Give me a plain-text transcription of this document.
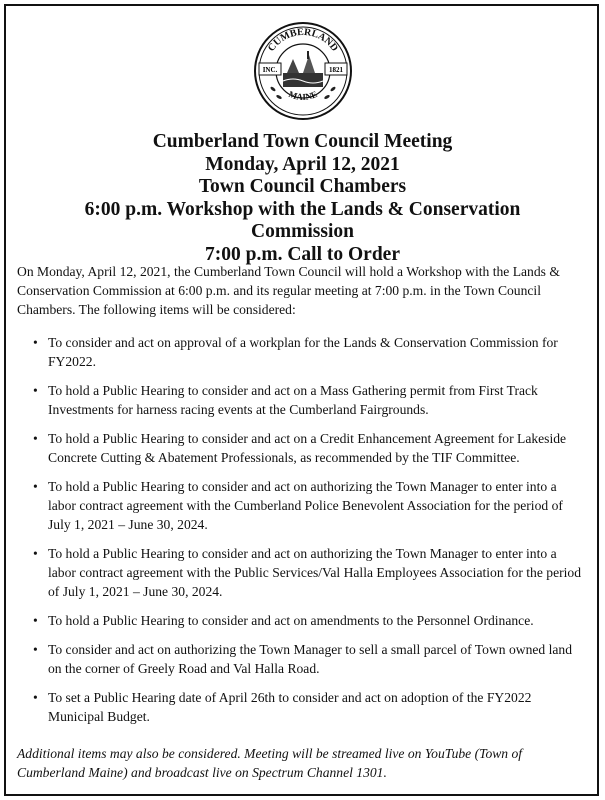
CUMBERLAND
MAINE
INC.	1821
Cumberland Town Council Meeting
Monday, April 12, 2021
Town Council Chambers
6:00 p.m. Workshop with the Lands & Conservation
Commission
7:00 p.m. Call to Order
On Monday, April 12, 2021, the Cumberland Town Council will hold a Workshop with the Lands & Conservation Commission at 6:00 p.m. and its regular meeting at 7:00 p.m. in the Town Council Chambers. The following items will be considered:
• To consider and act on approval of a workplan for the Lands & Conservation Commission for FY2022.
• To hold a Public Hearing to consider and act on a Mass Gathering permit from First Track Investments for harness racing events at the Cumberland Fairgrounds.
• To hold a Public Hearing to consider and act on a Credit Enhancement Agreement for Lakeside Concrete Cutting & Abatement Professionals, as recommended by the TIF Committee.
• To hold a Public Hearing to consider and act on authorizing the Town Manager to enter into a labor contract agreement with the Cumberland Police Benevolent Association for the period of July 1, 2021 – June 30, 2024.
• To hold a Public Hearing to consider and act on authorizing the Town Manager to enter into a labor contract agreement with the Public Services/Val Halla Employees Association for the period of July 1, 2021 – June 30, 2024.
• To hold a Public Hearing to consider and act on amendments to the Personnel Ordinance.
• To consider and act on authorizing the Town Manager to sell a small parcel of Town owned land on the corner of Greely Road and Val Halla Road.
• To set a Public Hearing date of April 26th to consider and act on adoption of the FY2022 Municipal Budget.
Additional items may also be considered. Meeting will be streamed live on YouTube (Town of Cumberland Maine) and broadcast live on Spectrum Channel 1301.
